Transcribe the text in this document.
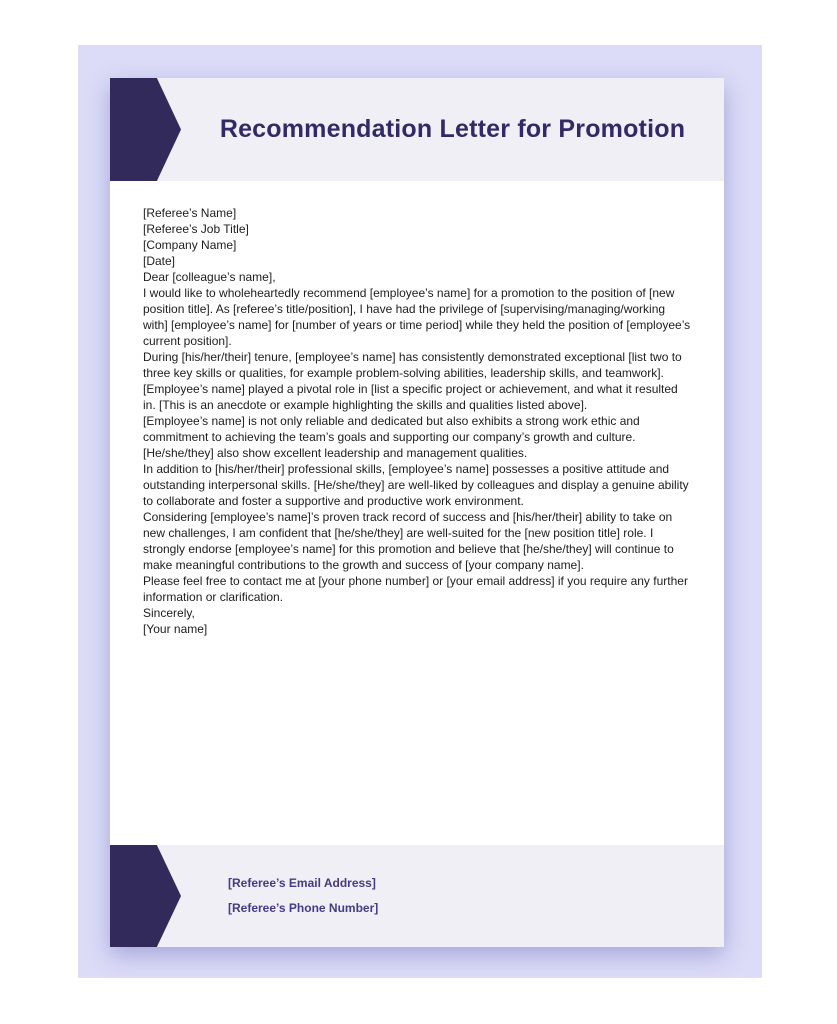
Recommendation Letter for Promotion

[Referee’s Name]

[Referee’s Job Title]

[Company Name]

[Date]

Dear [colleague’s name],

I would like to wholeheartedly recommend [employee’s name] for a promotion to the position of [new position title]. As [referee’s title/position], I have had the privilege of [supervising/managing/working with] [employee’s name] for [number of years or time period] while they held the position of [employee’s current position].

During [his/her/their] tenure, [employee’s name] has consistently demonstrated exceptional [list two to three key skills or qualities, for example problem-solving abilities, leadership skills, and teamwork]. [Employee’s name] played a pivotal role in [list a specific project or achievement, and what it resulted in. [This is an anecdote or example highlighting the skills and qualities listed above].

[Employee’s name] is not only reliable and dedicated but also exhibits a strong work ethic and commitment to achieving the team’s goals and supporting our company’s growth and culture. [He/she/they] also show excellent leadership and management qualities.

In addition to [his/her/their] professional skills, [employee’s name] possesses a positive attitude and outstanding interpersonal skills. [He/she/they] are well-liked by colleagues and display a genuine ability to collaborate and foster a supportive and productive work environment.

Considering [employee’s name]’s proven track record of success and [his/her/their] ability to take on new challenges, I am confident that [he/she/they] are well-suited for the [new position title] role. I strongly endorse [employee’s name] for this promotion and believe that [he/she/they] will continue to make meaningful contributions to the growth and success of [your company name].

Please feel free to contact me at [your phone number] or [your email address] if you require any further information or clarification.

Sincerely,

[Your name]

[Referee’s Email Address]

[Referee’s Phone Number]
